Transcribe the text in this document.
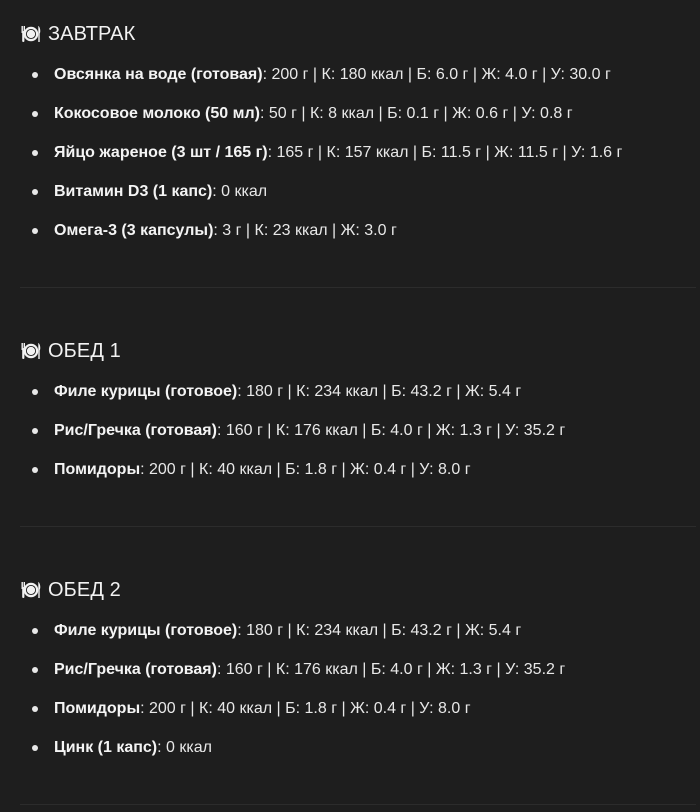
ЗАВТРАК
Овсянка на воде (готовая): 200 г | К: 180 ккал | Б: 6.0 г | Ж: 4.0 г | У: 30.0 г
Кокосовое молоко (50 мл): 50 г | К: 8 ккал | Б: 0.1 г | Ж: 0.6 г | У: 0.8 г
Яйцо жареное (3 шт / 165 г): 165 г | К: 157 ккал | Б: 11.5 г | Ж: 11.5 г | У: 1.6 г
Витамин D3 (1 капс): 0 ккал
Омега-3 (3 капсулы): 3 г | К: 23 ккал | Ж: 3.0 г
ОБЕД 1
Филе курицы (готовое): 180 г | К: 234 ккал | Б: 43.2 г | Ж: 5.4 г
Рис/Гречка (готовая): 160 г | К: 176 ккал | Б: 4.0 г | Ж: 1.3 г | У: 35.2 г
Помидоры: 200 г | К: 40 ккал | Б: 1.8 г | Ж: 0.4 г | У: 8.0 г
ОБЕД 2
Филе курицы (готовое): 180 г | К: 234 ккал | Б: 43.2 г | Ж: 5.4 г
Рис/Гречка (готовая): 160 г | К: 176 ккал | Б: 4.0 г | Ж: 1.3 г | У: 35.2 г
Помидоры: 200 г | К: 40 ккал | Б: 1.8 г | Ж: 0.4 г | У: 8.0 г
Цинк (1 капс): 0 ккал
